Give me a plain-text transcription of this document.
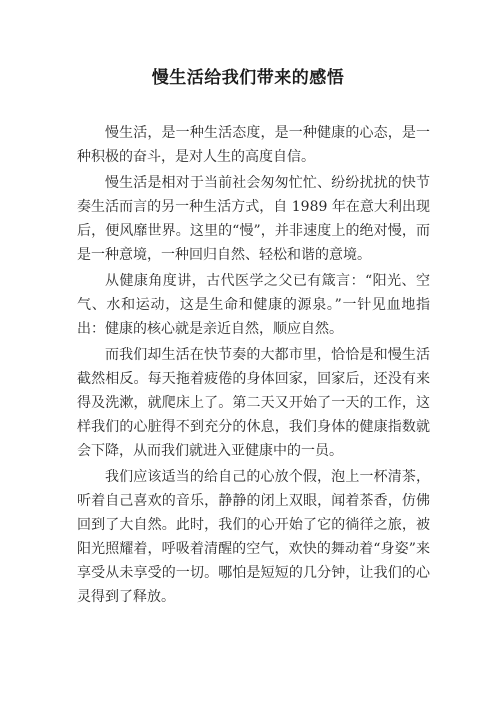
慢生活给我们带来的感悟

慢生活，是一种生活态度，是一种健康的心态，是一种积极的奋斗，是对人生的高度自信。

慢生活是相对于当前社会匆匆忙忙、纷纷扰扰的快节奏生活而言的另一种生活方式，自 1989 年在意大利出现后，便风靡世界。这里的“慢”，并非速度上的绝对慢，而是一种意境，一种回归自然、轻松和谐的意境。

从健康角度讲，古代医学之父已有箴言：“阳光、空气、水和运动，这是生命和健康的源泉。”一针见血地指出：健康的核心就是亲近自然，顺应自然。

而我们却生活在快节奏的大都市里，恰恰是和慢生活截然相反。每天拖着疲倦的身体回家，回家后，还没有来得及洗漱，就爬床上了。第二天又开始了一天的工作，这样我们的心脏得不到充分的休息，我们身体的健康指数就会下降，从而我们就进入亚健康中的一员。

我们应该适当的给自己的心放个假，泡上一杯清茶，听着自己喜欢的音乐，静静的闭上双眼，闻着茶香，仿佛回到了大自然。此时，我们的心开始了它的徜徉之旅，被阳光照耀着，呼吸着清醒的空气，欢快的舞动着“身姿”来享受从未享受的一切。哪怕是短短的几分钟，让我们的心灵得到了释放。
